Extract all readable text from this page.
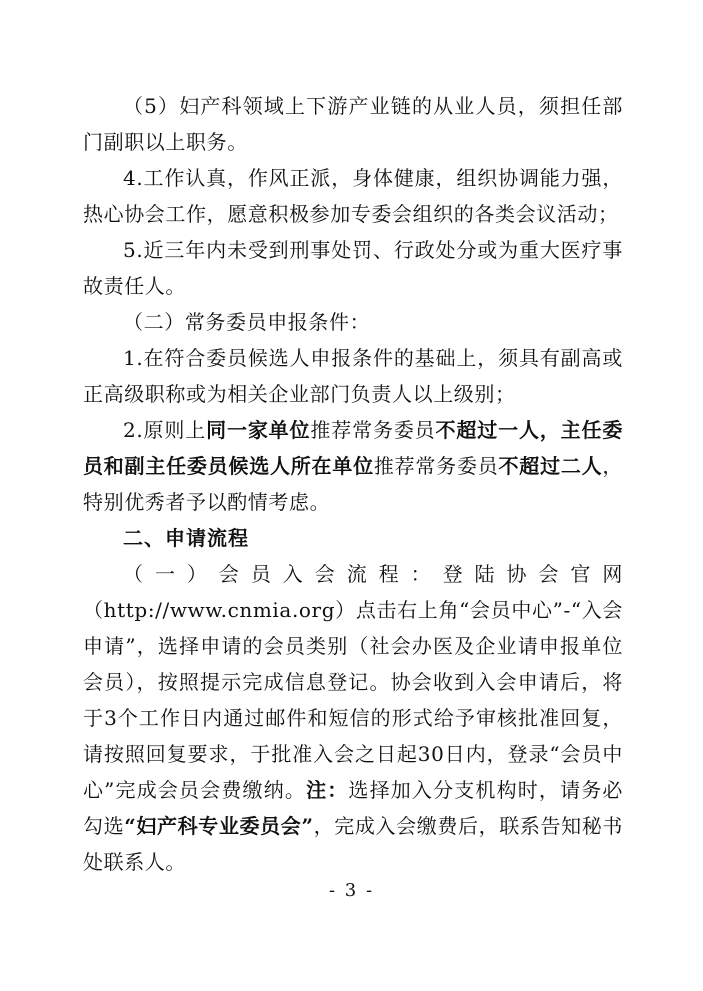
（5）妇产科领域上下游产业链的从业人员，须担任部门副职以上职务。

4.工作认真，作风正派，身体健康，组织协调能力强，热心协会工作，愿意积极参加专委会组织的各类会议活动；

5.近三年内未受到刑事处罚、行政处分或为重大医疗事故责任人。

（二）常务委员申报条件：

1.在符合委员候选人申报条件的基础上，须具有副高或正高级职称或为相关企业部门负责人以上级别；

2.原则上同一家单位推荐常务委员不超过一人，主任委员和副主任委员候选人所在单位推荐常务委员不超过二人，特别优秀者予以酌情考虑。

二、申请流程

（一）会员入会流程：登陆协会官网（http://www.cnmia.org）点击右上角“会员中心”-“入会申请”，选择申请的会员类别（社会办医及企业请申报单位会员），按照提示完成信息登记。协会收到入会申请后，将于3个工作日内通过邮件和短信的形式给予审核批准回复，请按照回复要求，于批准入会之日起30日内，登录“会员中心”完成会员会费缴纳。注：选择加入分支机构时，请务必勾选“妇产科专业委员会”，完成入会缴费后，联系告知秘书处联系人。

- 3 -
